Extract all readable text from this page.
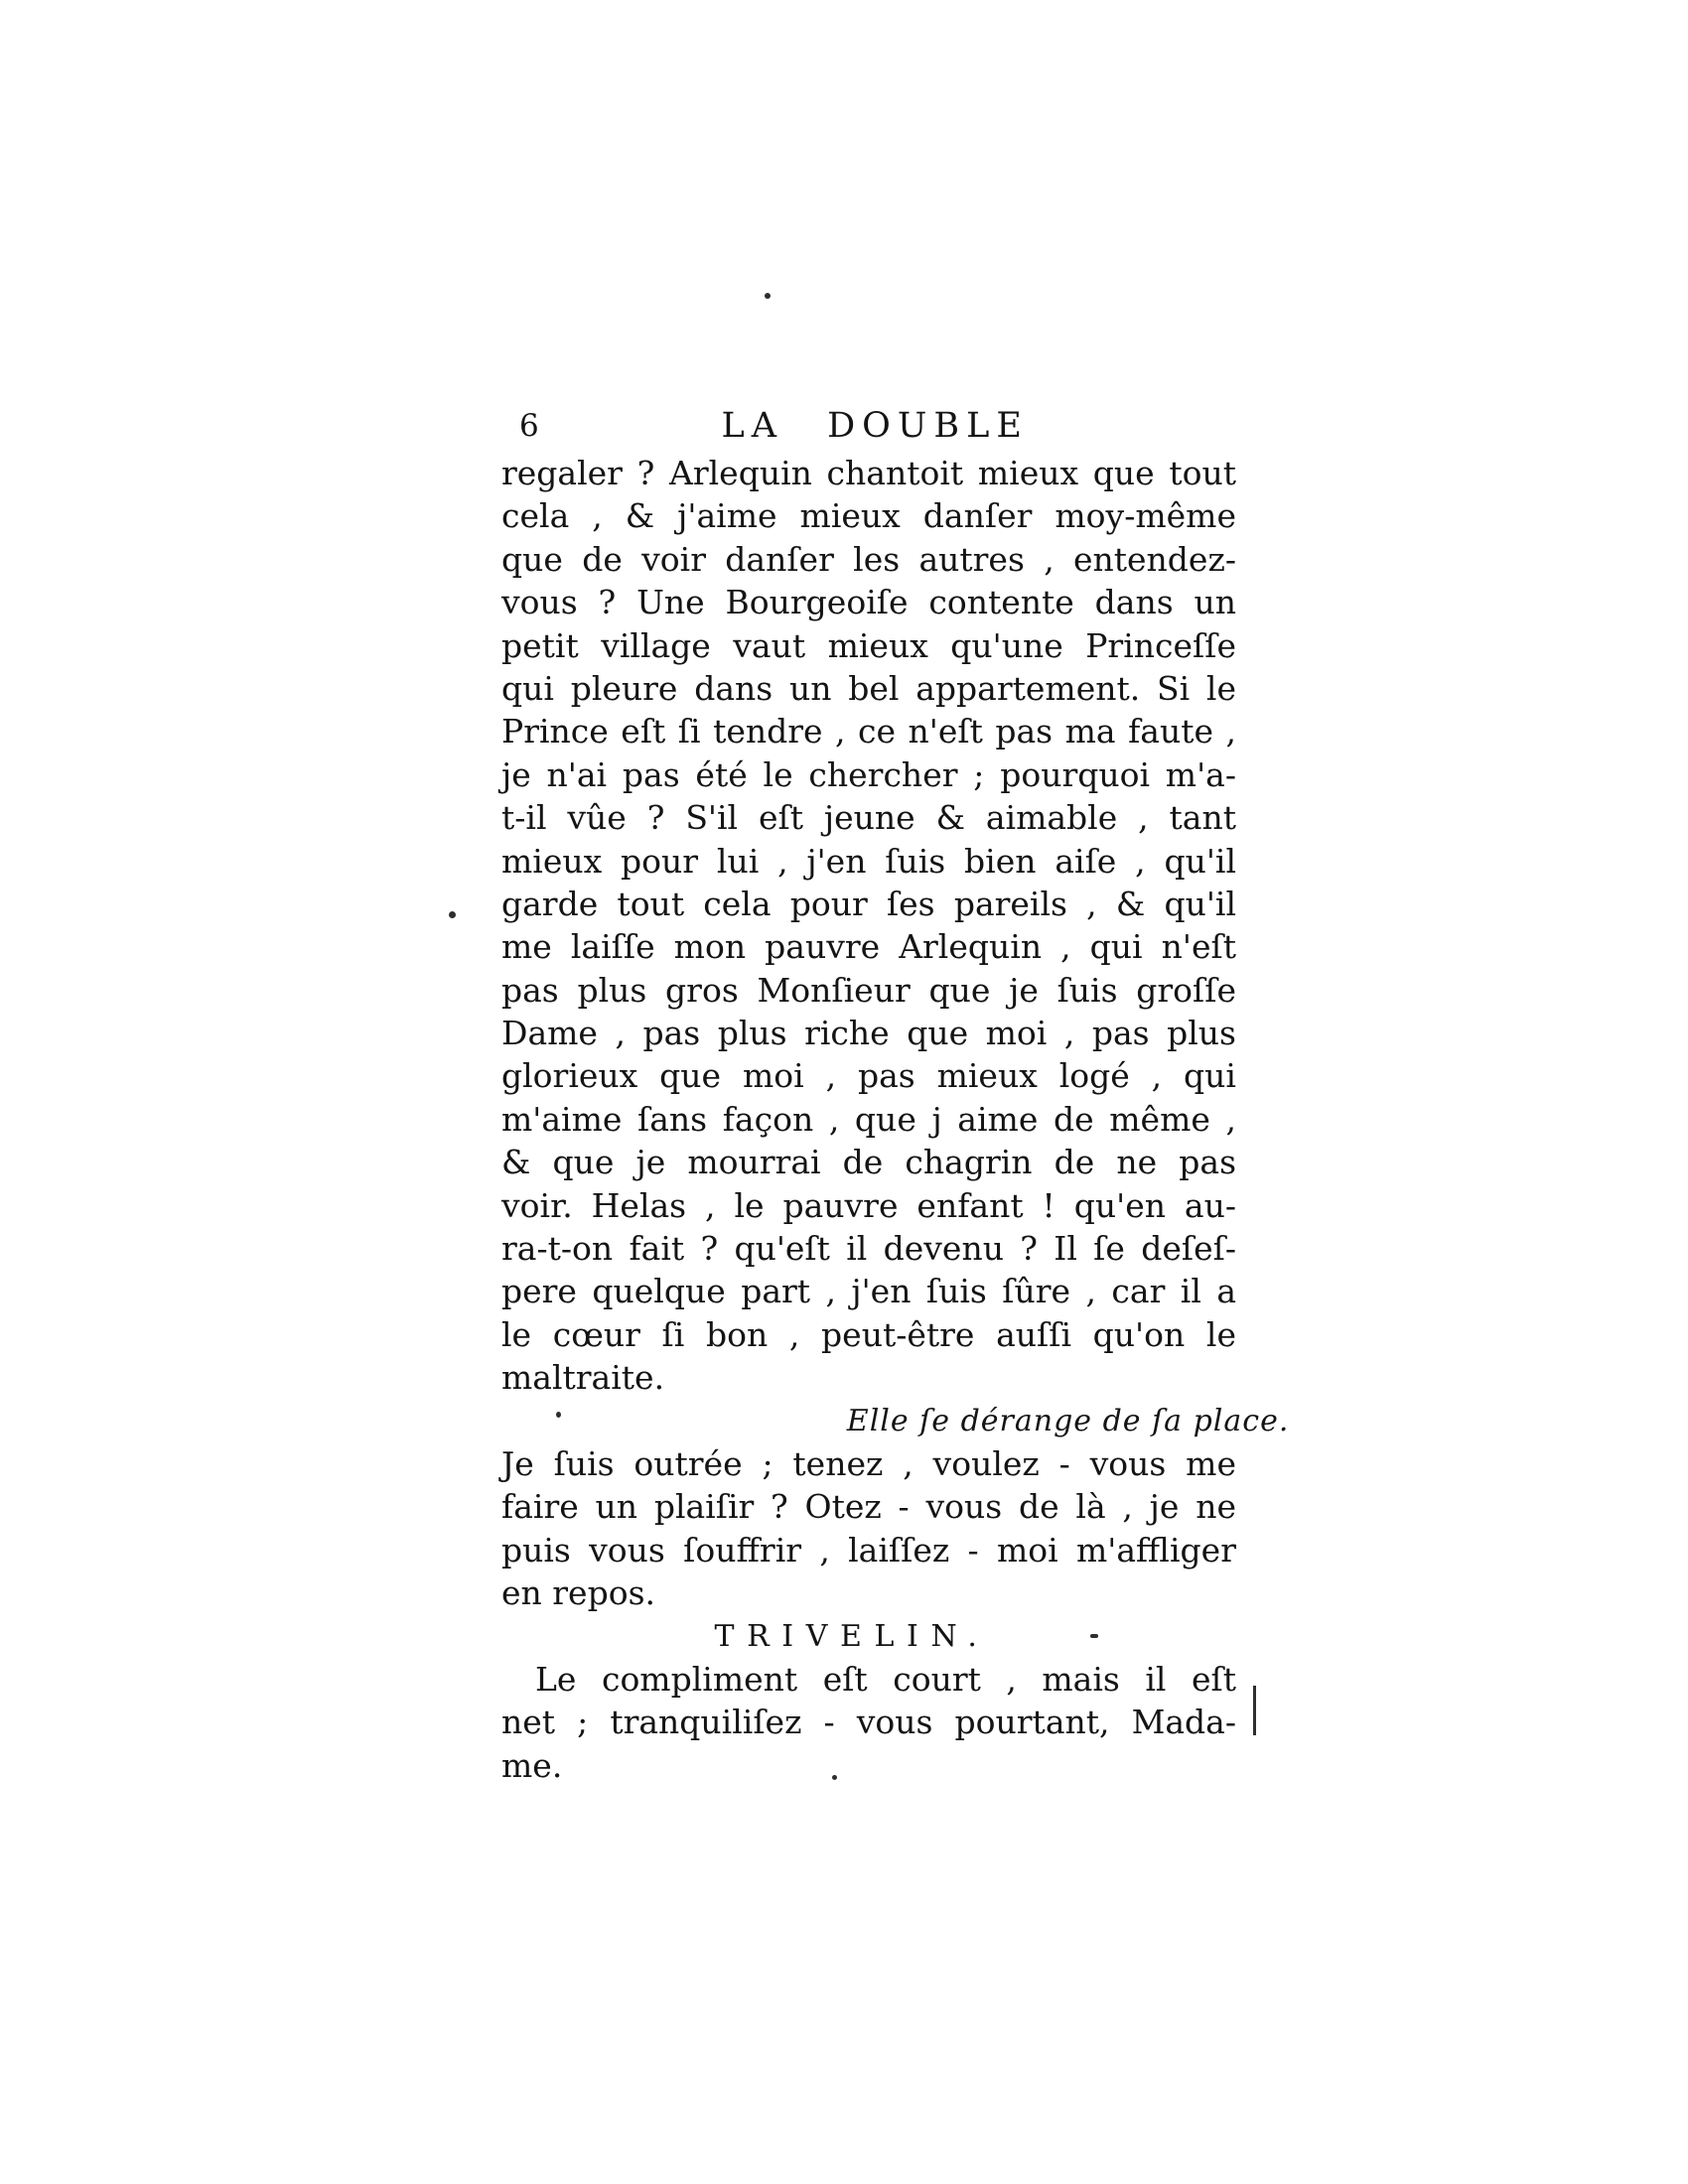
6	LA DOUBLE
regaler ? Arlequin chantoit mieux que tout
cela , & j'aime mieux danſer moy-même
que de voir danſer les autres , entendez-
vous ? Une Bourgeoiſe contente dans un
petit village vaut mieux qu'une Princeſſe
qui pleure dans un bel appartement. Si le
Prince eſt ſi tendre , ce n'eſt pas ma faute ,
je n'ai pas été le chercher ; pourquoi m'a-
t-il vûe ? S'il eſt jeune & aimable , tant
mieux pour lui , j'en ſuis bien aiſe , qu'il
garde tout cela pour ſes pareils , & qu'il
me laiſſe mon pauvre Arlequin , qui n'eſt
pas plus gros Monſieur que je ſuis groſſe
Dame , pas plus riche que moi , pas plus
glorieux que moi , pas mieux logé , qui
m'aime ſans façon , que j aime de même ,
& que je mourrai de chagrin de ne pas
voir. Helas , le pauvre enfant ! qu'en au-
ra-t-on fait ? qu'eſt il devenu ? Il ſe deſeſ-
pere quelque part , j'en ſuis ſûre , car il a
le cœur ſi bon , peut-être auſſi qu'on le
maltraite.
Elle ſe dérange de ſa place.
Je ſuis outrée ; tenez , voulez - vous me
faire un plaiſir ? Otez - vous de là , je ne
puis vous ſouffrir , laiſſez - moi m'affliger
en repos.
TRIVELIN.
Le compliment eſt court , mais il eſt
net ; tranquiliſez - vous pourtant, Mada-
me.
